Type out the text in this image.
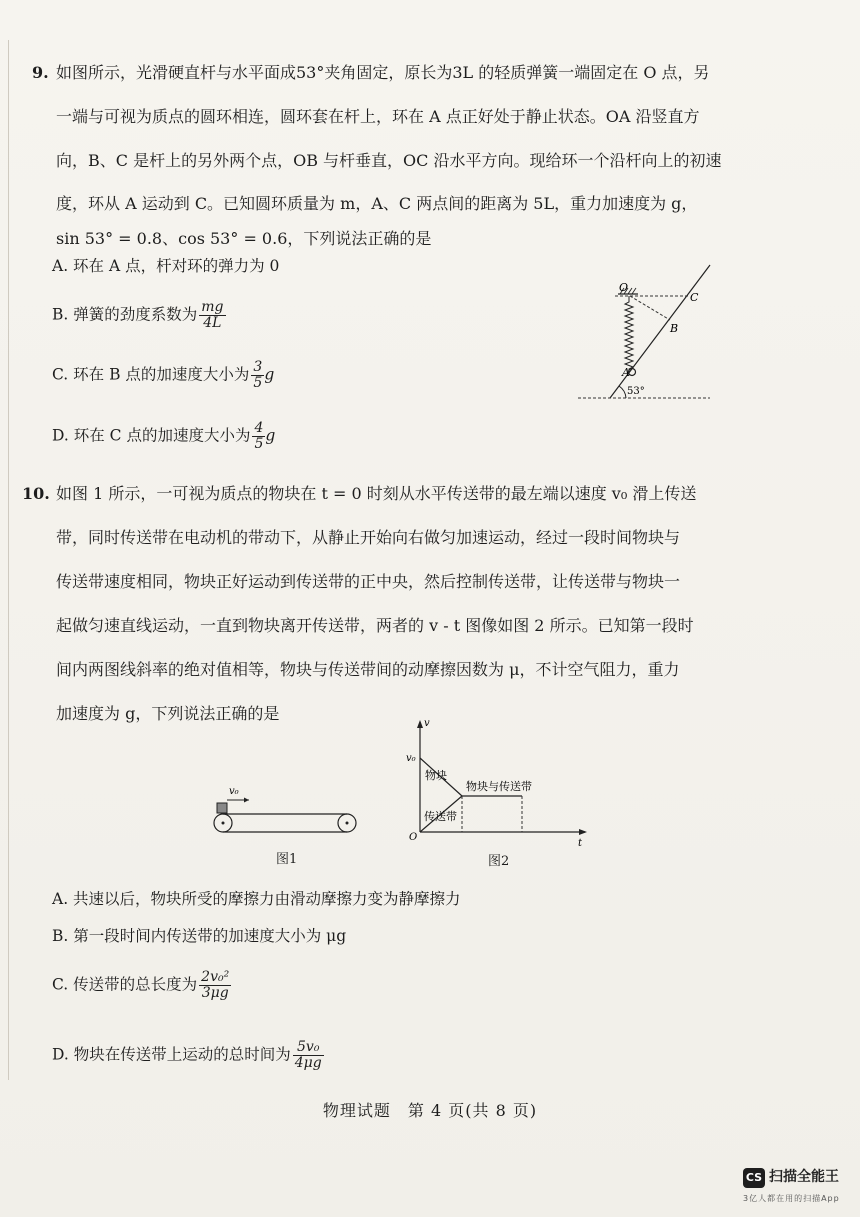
9. 如图所示，光滑硬直杆与水平面成53°夹角固定，原长为3L 的轻质弹簧一端固定在 O 点，另
一端与可视为质点的圆环相连，圆环套在杆上，环在 A 点正好处于静止状态。OA 沿竖直方
向，B、C 是杆上的另外两个点，OB 与杆垂直，OC 沿水平方向。现给环一个沿杆向上的初速
度，环从 A 运动到 C。已知圆环质量为 m，A、C 两点间的距离为 5L，重力加速度为 g，
sin 53° = 0.8、cos 53° = 0.6，下列说法正确的是
A. 环在 A 点，杆对环的弹力为 0
B. 弹簧的劲度系数为 $\frac{mg}{4L}$
C. 环在 B 点的加速度大小为 $\frac{3}{5}$ g
D. 环在 C 点的加速度大小为 $\frac{4}{5}$ g
O
A
B
C
53°
10. 如图 1 所示，一可视为质点的物块在 t = 0 时刻从水平传送带的最左端以速度 v₀ 滑上传送
带，同时传送带在电动机的带动下，从静止开始向右做匀加速运动，经过一段时间物块与
传送带速度相同，物块正好运动到传送带的正中央，然后控制传送带，让传送带与物块一
起做匀速直线运动，一直到物块离开传送带，两者的 v - t 图像如图 2 所示。已知第一段时
间内两图线斜率的绝对值相等，物块与传送带间的动摩擦因数为 μ，不计空气阻力，重力
加速度为 g，下列说法正确的是
v₀
图1
v
t
O
v₀
物块
传送带
物块与传送带
图2
A. 共速以后，物块所受的摩擦力由滑动摩擦力变为静摩擦力
B. 第一段时间内传送带的加速度大小为 μg
C. 传送带的总长度为 $\frac{\text{2v₀²}}{3\mu g}$
D. 物块在传送带上运动的总时间为 $\frac{\text{5v₀}}{4\mu g}$
物理试题　第 4 页(共 8 页)
CS 扫描全能王
3亿人都在用的扫描App
